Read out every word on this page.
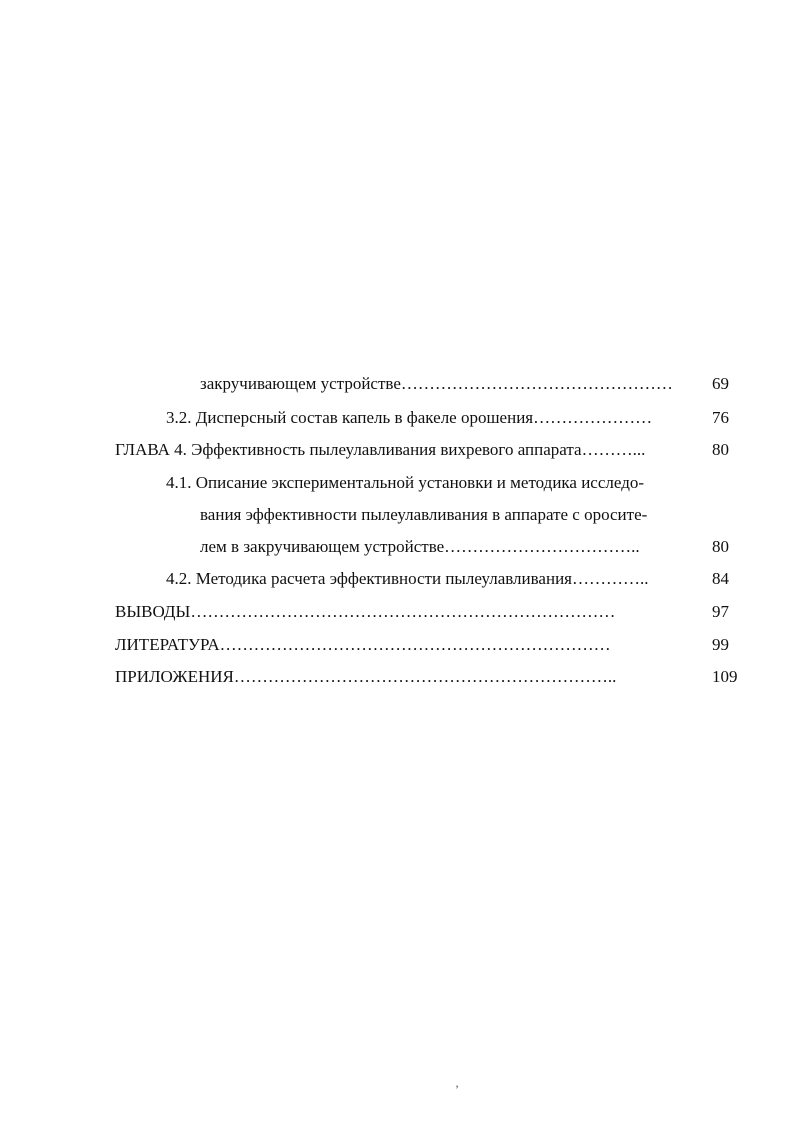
закручивающем устройстве………………………………………… 69
3.2. Дисперсный состав капель в факеле орошения…………………	76
ГЛАВА 4. Эффективность пылеулавливания вихревого аппарата………...	80
4.1. Описание экспериментальной установки и методика исследо-
вания эффективности пылеулавливания в аппарате с оросите-
лем в закручивающем устройстве……………………………..	80
4.2. Методика расчета эффективности пылеулавливания…………..	84
ВЫВОДЫ…………………………………………………………………	97
ЛИТЕРАТУРА……………………………………………………………	99
ПРИЛОЖЕНИЯ…………………………………………………………..	109
’
